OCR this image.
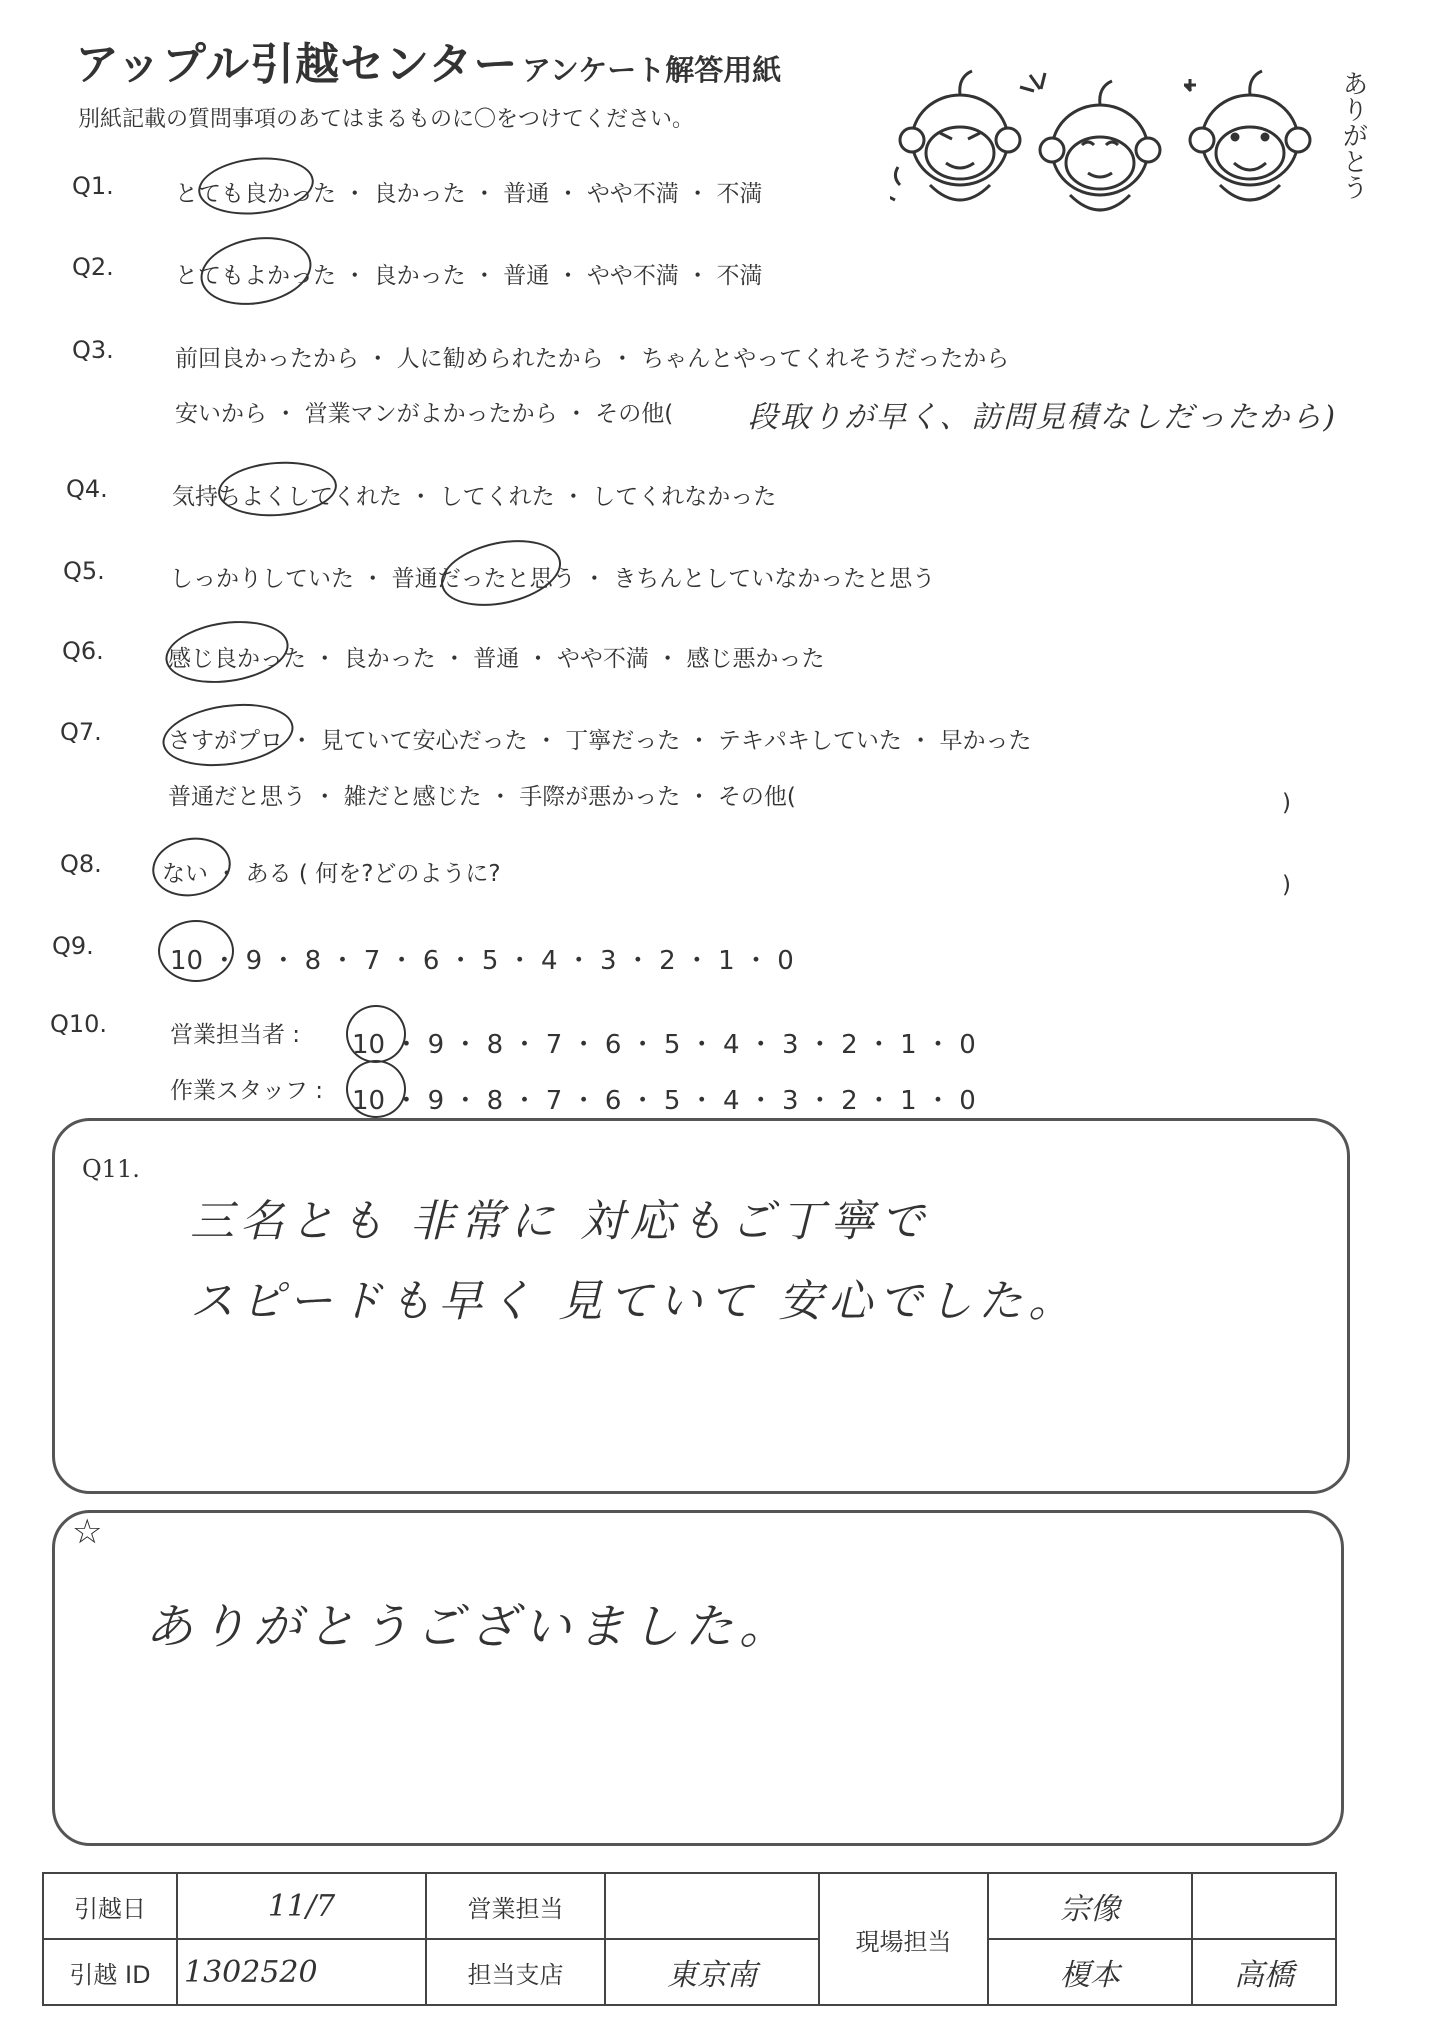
アップル引越センター アンケート解答用紙
別紙記載の質問事項のあてはまるものに〇をつけてください。	ありがとう
Q1.	とても良かった ・ 良かった ・ 普通 ・ やや不満 ・ 不満
Q2.	とてもよかった ・ 良かった ・ 普通 ・ やや不満 ・ 不満
Q3.	前回良かったから ・ 人に勧められたから ・ ちゃんとやってくれそうだったから
安いから ・ 営業マンがよかったから ・ その他( 段取りが早く、訪問見積なしだったから)
Q4.	気持ちよくしてくれた ・ してくれた ・ してくれなかった
Q5.	しっかりしていた ・ 普通だったと思う ・ きちんとしていなかったと思う
Q6.	感じ良かった ・ 良かった ・ 普通 ・ やや不満 ・ 感じ悪かった
Q7.	さすがプロ ・ 見ていて安心だった ・ 丁寧だった ・ テキパキしていた ・ 早かった
普通だと思う ・ 雑だと感じた ・ 手際が悪かった ・ その他(	)
Q8.	ない ・ ある ( 何を?どのように?	)
Q9.	10 ・ 9 ・ 8 ・ 7 ・ 6 ・ 5 ・ 4 ・ 3 ・ 2 ・ 1 ・ 0
Q10.	営業担当者 : 10 ・ 9 ・ 8 ・ 7 ・ 6 ・ 5 ・ 4 ・ 3 ・ 2 ・ 1 ・ 0
作業スタッフ : 10 ・ 9 ・ 8 ・ 7 ・ 6 ・ 5 ・ 4 ・ 3 ・ 2 ・ 1 ・ 0
Q11.
三名とも 非常に 対応もご丁寧で
スピードも早く 見ていて 安心でした。
☆
ありがとうございました。
引越日	11/7	営業担当		現場担当	宗像	
引越 ID	1302520	担当支店	東京南		榎本	高橋
